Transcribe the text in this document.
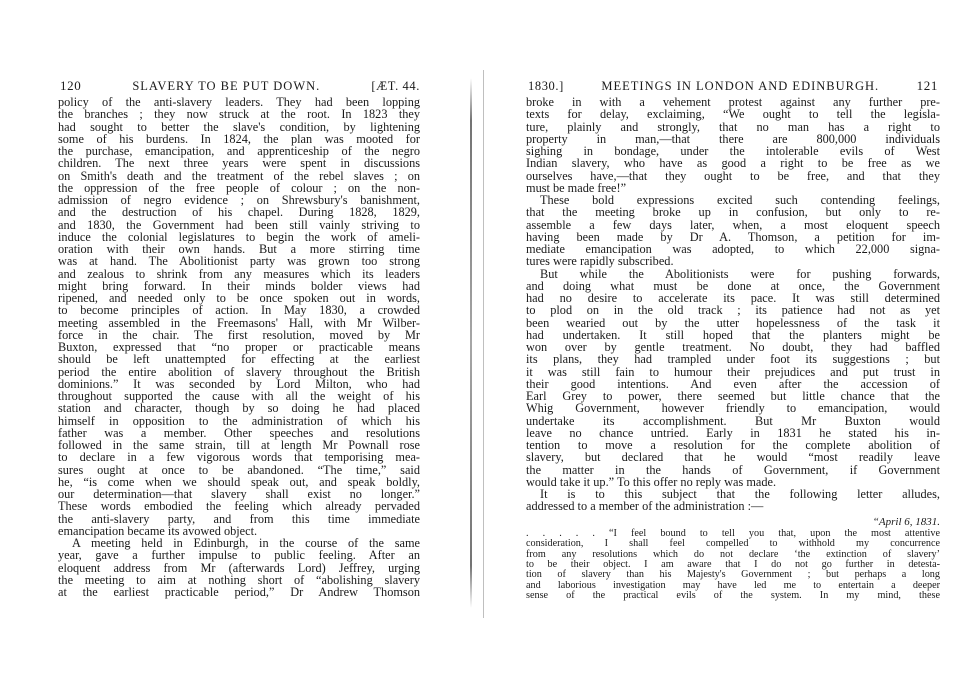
120	SLAVERY TO BE PUT DOWN.	[ÆT. 44.
policy of the anti-slavery leaders. They had been lopping
the branches ; they now struck at the root. In 1823 they
had sought to better the slave's condition, by lightening
some of his burdens. In 1824, the plan was mooted for
the purchase, emancipation, and apprenticeship of the negro
children. The next three years were spent in discussions
on Smith's death and the treatment of the rebel slaves ; on
the oppression of the free people of colour ; on the non-
admission of negro evidence ; on Shrewsbury's banishment,
and the destruction of his chapel. During 1828, 1829,
and 1830, the Government had been still vainly striving to
induce the colonial legislatures to begin the work of ameli-
oration with their own hands. But a more stirring time
was at hand. The Abolitionist party was grown too strong
and zealous to shrink from any measures which its leaders
might bring forward. In their minds bolder views had
ripened, and needed only to be once spoken out in words,
to become principles of action. In May 1830, a crowded
meeting assembled in the Freemasons' Hall, with Mr Wilber-
force in the chair. The first resolution, moved by Mr
Buxton, expressed that “no proper or practicable means
should be left unattempted for effecting at the earliest
period the entire abolition of slavery throughout the British
dominions.” It was seconded by Lord Milton, who had
throughout supported the cause with all the weight of his
station and character, though by so doing he had placed
himself in opposition to the administration of which his
father was a member. Other speeches and resolutions
followed in the same strain, till at length Mr Pownall rose
to declare in a few vigorous words that temporising mea-
sures ought at once to be abandoned. “The time,” said
he, “is come when we should speak out, and speak boldly,
our determination—that slavery shall exist no longer.”
These words embodied the feeling which already pervaded
the anti-slavery party, and from this time immediate
emancipation became its avowed object.
A meeting held in Edinburgh, in the course of the same
year, gave a further impulse to public feeling. After an
eloquent address from Mr (afterwards Lord) Jeffrey, urging
the meeting to aim at nothing short of “abolishing slavery
at the earliest practicable period,” Dr Andrew Thomson
1830.]	MEETINGS IN LONDON AND EDINBURGH.	121
broke in with a vehement protest against any further pre-
texts for delay, exclaiming, “We ought to tell the legisla-
ture, plainly and strongly, that no man has a right to
property in man,—that there are 800,000 individuals
sighing in bondage, under the intolerable evils of West
Indian slavery, who have as good a right to be free as we
ourselves have,—that they ought to be free, and that they
must be made free!”
These bold expressions excited such contending feelings,
that the meeting broke up in confusion, but only to re-
assemble a few days later, when, a most eloquent speech
having been made by Dr A. Thomson, a petition for im-
mediate emancipation was adopted, to which 22,000 signa-
tures were rapidly subscribed.
But while the Abolitionists were for pushing forwards,
and doing what must be done at once, the Government
had no desire to accelerate its pace. It was still determined
to plod on in the old track ; its patience had not as yet
been wearied out by the utter hopelessness of the task it
had undertaken. It still hoped that the planters might be
won over by gentle treatment. No doubt, they had baffled
its plans, they had trampled under foot its suggestions ; but
it was still fain to humour their prejudices and put trust in
their good intentions. And even after the accession of
Earl Grey to power, there seemed but little chance that the
Whig Government, however friendly to emancipation, would
undertake its accomplishment. But Mr Buxton would
leave no chance untried. Early in 1831 he stated his in-
tention to move a resolution for the complete abolition of
slavery, but declared that he would “most readily leave
the matter in the hands of Government, if Government
would take it up.” To this offer no reply was made.
It is to this subject that the following letter alludes,
addressed to a member of the administration :—
“April 6, 1831.
. . . . . “I feel bound to tell you that, upon the most attentive
consideration, I shall feel compelled to withhold my concurrence
from any resolutions which do not declare ‘the extinction of slavery’
to be their object. I am aware that I do not go further in detesta-
tion of slavery than his Majesty's Government ; but perhaps a long
and laborious investigation may have led me to entertain a deeper
sense of the practical evils of the system. In my mind, these
